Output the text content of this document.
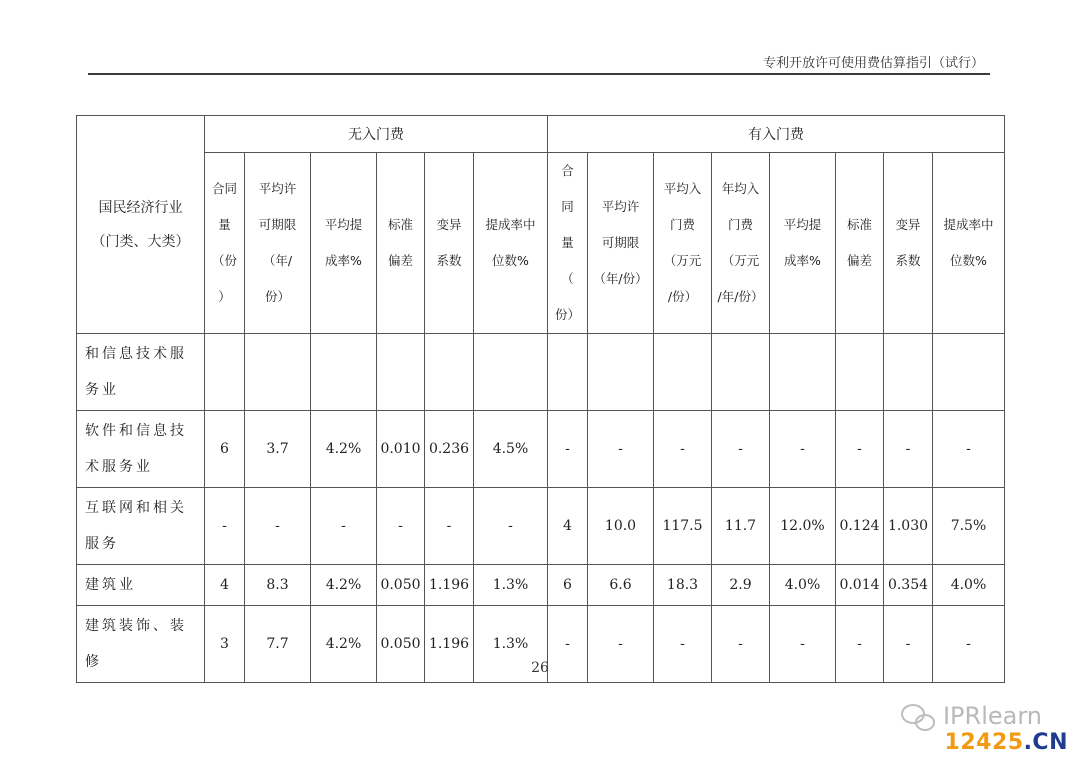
专利开放许可使用费估算指引（试行）
国民经济行业
（门类、大类）	无入门费						有入门费							

	合同
量
（份
）	平均许
可期限
（年/
份）	平均提
成率%	标准
偏差	变异
系数	提成率中
位数%	合
同
量
（
份）	平均许
可期限
（年/份）	平均入
门费
（万元
/份）	年均入
门费
（万元
/年/份）	平均提
成率%	标准
偏差	变异
系数	提成率中
位数%

和信息技术服务业														
软件和信息技术服务业	6	3.7	4.2%	0.010	0.236	4.5%	-	-	-	-	-	-	-	-
互联网和相关服务	-	-	-	-	-	-	4	10.0	117.5	11.7	12.0%	0.124	1.030	7.5%
建筑业	4	8.3	4.2%	0.050	1.196	1.3%	6	6.6	18.3	2.9	4.0%	0.014	0.354	4.0%
建筑装饰、装修	3	7.7	4.2%	0.050	1.196	1.3%	-	-	-	-	-	-	-	-
26
IPRlearn
12425.CN
